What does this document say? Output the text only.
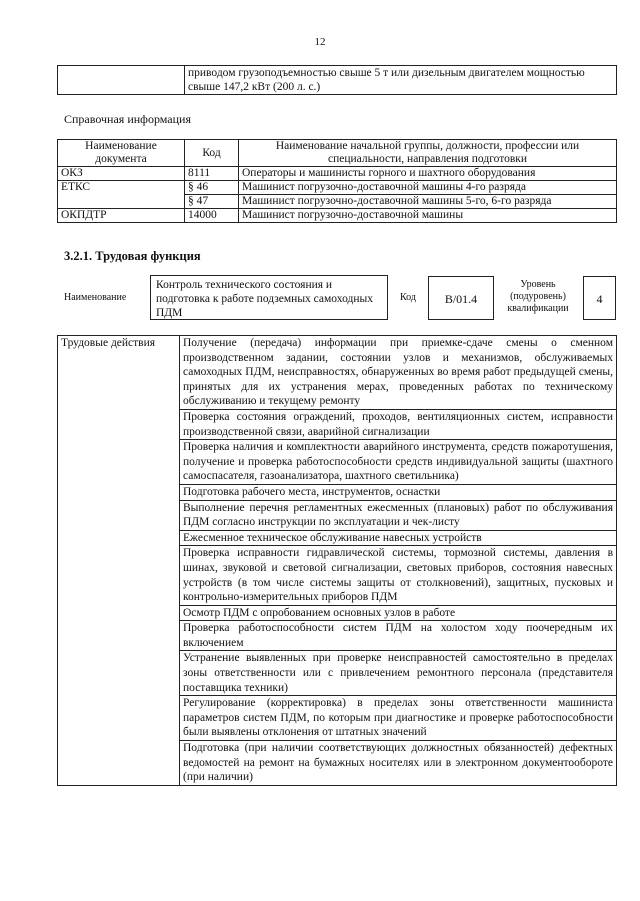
12
	приводом грузоподъемностью свыше 5 т или дизельным двигателем мощностью свыше 147,2 кВт (200 л. с.)
Справочная информация
Наименование документа	Код	Наименование начальной группы, должности, профессии или специальности, направления подготовки
ОКЗ	8111	Операторы и машинисты горного и шахтного оборудования
ЕТКС	§ 46	Машинист погрузочно-доставочной машины 4-го разряда
	§ 47	Машинист погрузочно-доставочной машины 5-го, 6-го разряда
ОКПДТР	14000	Машинист погрузочно-доставочной машины
3.2.1. Трудовая функция
Наименование
Контроль технического состояния и подготовка к работе подземных самоходных ПДМ
Код	B/01.4
Уровень (подуровень) квалификации
4
Трудовые действия	Получение (передача) информации при приемке-сдаче смены о сменном производственном задании, состоянии узлов и механизмов, обслуживаемых самоходных ПДМ, неисправностях, обнаруженных во время работ предыдущей смены, принятых для их устранения мерах, проведенных работах по техническому обслуживанию и текущему ремонту
Проверка состояния ограждений, проходов, вентиляционных систем, исправности производственной связи, аварийной сигнализации
Проверка наличия и комплектности аварийного инструмента, средств пожаротушения, получение и проверка работоспособности средств индивидуальной защиты (шахтного самоспасателя, газоанализатора, шахтного светильника)
Подготовка рабочего места, инструментов, оснастки
Выполнение перечня регламентных ежесменных (плановых) работ по обслуживания ПДМ согласно инструкции по эксплуатации и чек-листу
Ежесменное техническое обслуживание навесных устройств
Проверка исправности гидравлической системы, тормозной системы, давления в шинах, звуковой и световой сигнализации, световых приборов, состояния навесных устройств (в том числе системы защиты от столкновений), защитных, пусковых и контрольно-измерительных приборов ПДМ
Осмотр ПДМ с опробованием основных узлов в работе
Проверка работоспособности систем ПДМ на холостом ходу поочередным их включением
Устранение выявленных при проверке неисправностей самостоятельно в пределах зоны ответственности или с привлечением ремонтного персонала (представителя поставщика техники)
Регулирование (корректировка) в пределах зоны ответственности машиниста параметров систем ПДМ, по которым при диагностике и проверке работоспособности были выявлены отклонения от штатных значений
Подготовка (при наличии соответствующих должностных обязанностей) дефектных ведомостей на ремонт на бумажных носителях или в электронном документообороте (при наличии)
